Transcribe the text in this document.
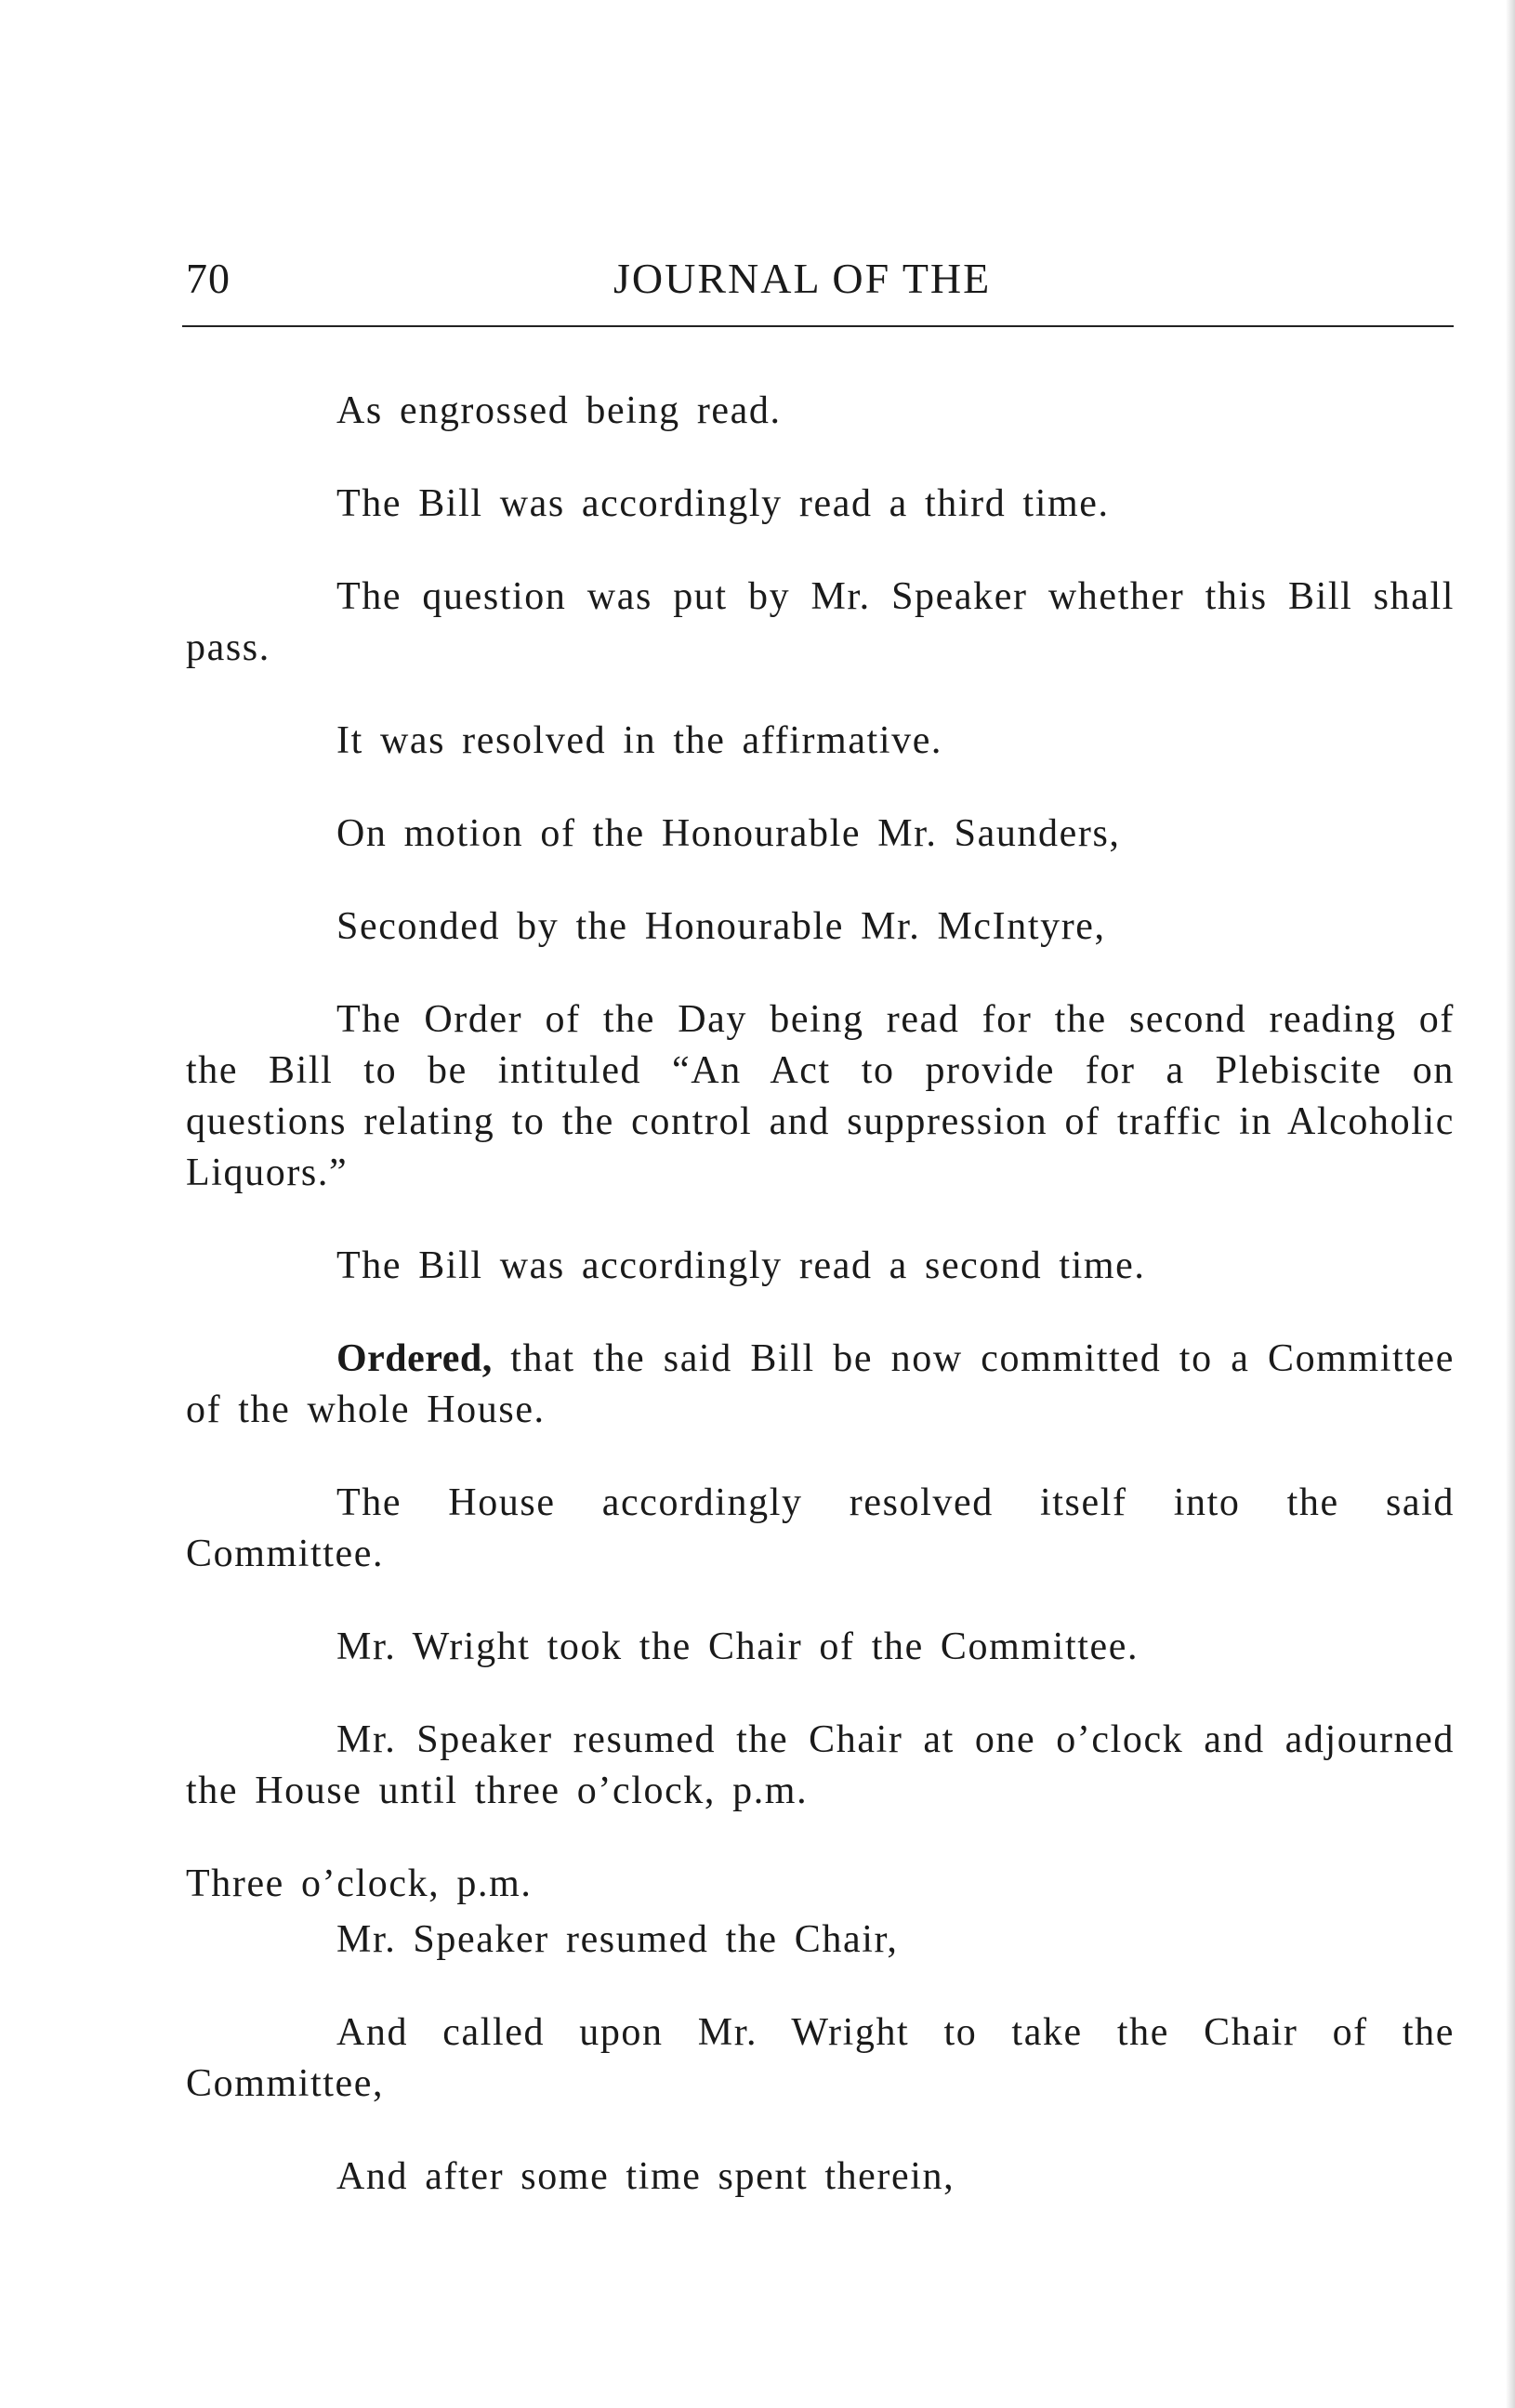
70	JOURNAL OF THE

As engrossed being read.

The Bill was accordingly read a third time.

The question was put by Mr. Speaker whether this Bill shall pass.

It was resolved in the affirmative.

On motion of the Honourable Mr. Saunders,

Seconded by the Honourable Mr. McIntyre,

The Order of the Day being read for the second reading of the Bill to be intituled “An Act to provide for a Plebiscite on questions relating to the control and suppression of traffic in Alcoholic Liquors.”

The Bill was accordingly read a second time.

Ordered, that the said Bill be now committed to a Committee of the whole House.

The House accordingly resolved itself into the said Committee.

Mr. Wright took the Chair of the Committee.

Mr. Speaker resumed the Chair at one o’clock and adjourned the House until three o’clock, p.m.

Three o’clock, p.m.

Mr. Speaker resumed the Chair,

And called upon Mr. Wright to take the Chair of the Committee,

And after some time spent therein,
